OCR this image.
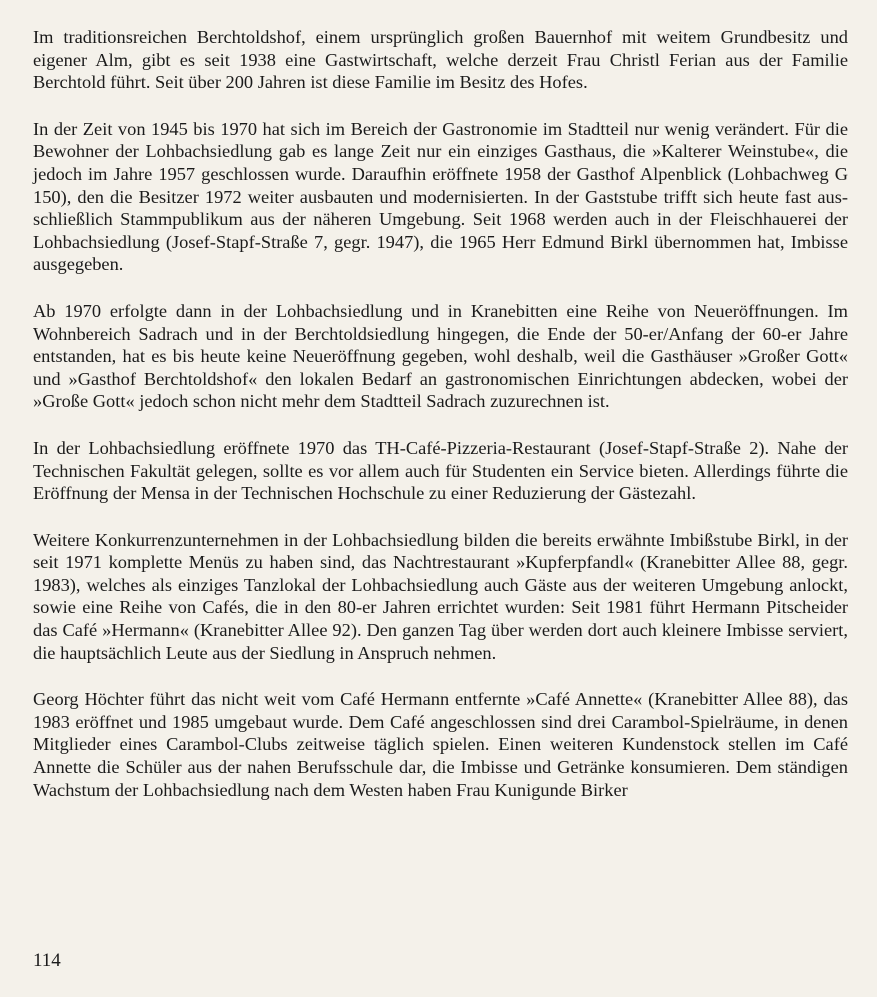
Im traditionsreichen Berchtoldshof, einem ursprünglich großen Bauernhof mit weitem Grundbesitz und eigener Alm, gibt es seit 1938 eine Gastwirtschaft, welche derzeit Frau Christl Ferian aus der Familie Berchtold führt. Seit über 200 Jahren ist diese Familie im Besitz des Hofes.

In der Zeit von 1945 bis 1970 hat sich im Bereich der Gastronomie im Stadtteil nur wenig verändert. Für die Bewohner der Lohbachsiedlung gab es lange Zeit nur ein einziges Gasthaus, die »Kalterer Weinstube«, die jedoch im Jahre 1957 geschlossen wurde. Daraufhin eröffnete 1958 der Gasthof Alpenblick (Lohbachweg G 150), den die Besitzer 1972 weiter ausbauten und modernisierten. In der Gaststube trifft sich heute fast ausschließlich Stammpublikum aus der näheren Umgebung. Seit 1968 werden auch in der Fleischhauerei der Lohbachsiedlung (Josef-Stapf-Straße 7, gegr. 1947), die 1965 Herr Edmund Birkl übernommen hat, Imbisse ausgegeben.

Ab 1970 erfolgte dann in der Lohbachsiedlung und in Kranebitten eine Reihe von Neueröffnungen. Im Wohnbereich Sadrach und in der Berchtoldsiedlung hingegen, die Ende der 50-er/Anfang der 60-er Jahre entstanden, hat es bis heute keine Neueröffnung gegeben, wohl deshalb, weil die Gasthäuser »Großer Gott« und »Gasthof Berchtoldshof« den lokalen Bedarf an gastronomischen Einrichtungen abdecken, wobei der »Große Gott« jedoch schon nicht mehr dem Stadtteil Sadrach zuzurechnen ist.

In der Lohbachsiedlung eröffnete 1970 das TH-Café-Pizzeria-Restaurant (Josef-Stapf-Straße 2). Nahe der Technischen Fakultät gelegen, sollte es vor allem auch für Studenten ein Service bieten. Allerdings führte die Eröffnung der Mensa in der Technischen Hochschule zu einer Reduzierung der Gästezahl.

Weitere Konkurrenzunternehmen in der Lohbachsiedlung bilden die bereits erwähnte Imbißstube Birkl, in der seit 1971 komplette Menüs zu haben sind, das Nachtrestaurant »Kupferpfandl« (Kranebitter Allee 88, gegr. 1983), welches als einziges Tanzlokal der Lohbachsiedlung auch Gäste aus der weiteren Umgebung anlockt, sowie eine Reihe von Cafés, die in den 80-er Jahren errichtet wurden: Seit 1981 führt Hermann Pitscheider das Café »Hermann« (Kranebitter Allee 92). Den ganzen Tag über werden dort auch kleinere Imbisse serviert, die hauptsächlich Leute aus der Siedlung in Anspruch nehmen.

Georg Höchter führt das nicht weit vom Café Hermann entfernte »Café Annette« (Kranebitter Allee 88), das 1983 eröffnet und 1985 umgebaut wurde. Dem Café angeschlossen sind drei Carambol-Spielräume, in denen Mitglieder eines Carambol-Clubs zeitweise täglich spielen. Einen weiteren Kundenstock stellen im Café Annette die Schüler aus der nahen Berufsschule dar, die Imbisse und Getränke konsumieren. Dem ständigen Wachstum der Lohbachsiedlung nach dem Westen haben Frau Kunigunde Birker

114
